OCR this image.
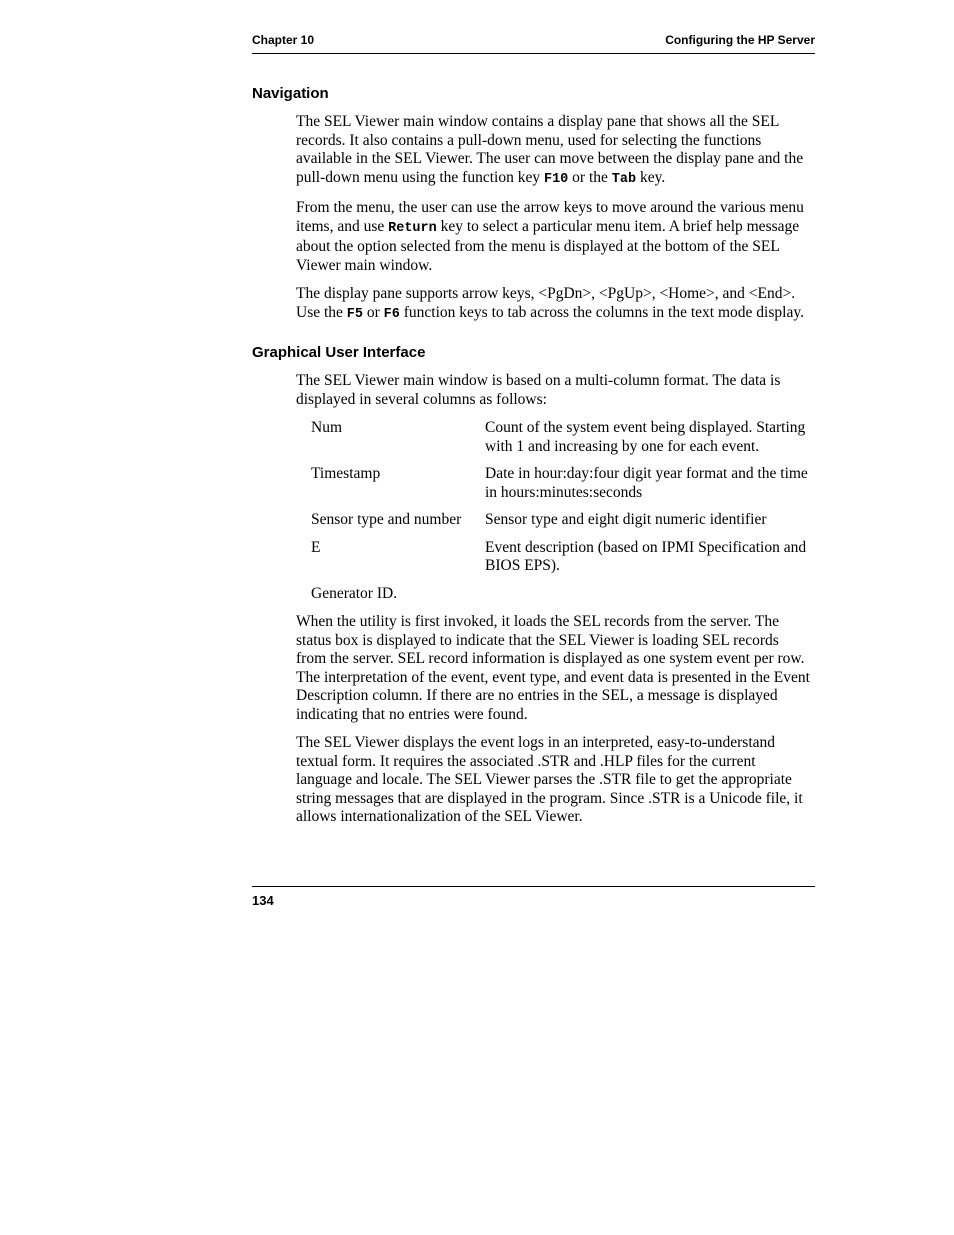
Chapter 10	Configuring the HP Server
Navigation

The SEL Viewer main window contains a display pane that shows all the SEL records. It also contains a pull-down menu, used for selecting the functions available in the SEL Viewer. The user can move between the display pane and the pull-down menu using the function key F10 or the Tab key.

From the menu, the user can use the arrow keys to move around the various menu items, and use Return key to select a particular menu item. A brief help message about the option selected from the menu is displayed at the bottom of the SEL Viewer main window.

The display pane supports arrow keys, <PgDn>, <PgUp>, <Home>, and <End>. Use the F5 or F6 function keys to tab across the columns in the text mode display.

Graphical User Interface

The SEL Viewer main window is based on a multi-column format. The data is displayed in several columns as follows:

Num	Count of the system event being displayed. Starting with 1 and increasing by one for each event.
Timestamp	Date in hour:day:four digit year format and the time in hours:minutes:seconds
Sensor type and number	Sensor type and eight digit numeric identifier
E	Event description (based on IPMI Specification and BIOS EPS).
Generator ID.

When the utility is first invoked, it loads the SEL records from the server. The status box is displayed to indicate that the SEL Viewer is loading SEL records from the server. SEL record information is displayed as one system event per row. The interpretation of the event, event type, and event data is presented in the Event Description column. If there are no entries in the SEL, a message is displayed indicating that no entries were found.

The SEL Viewer displays the event logs in an interpreted, easy-to-understand textual form. It requires the associated .STR and .HLP files for the current language and locale. The SEL Viewer parses the .STR file to get the appropriate string messages that are displayed in the program. Since .STR is a Unicode file, it allows internationalization of the SEL Viewer.

134
